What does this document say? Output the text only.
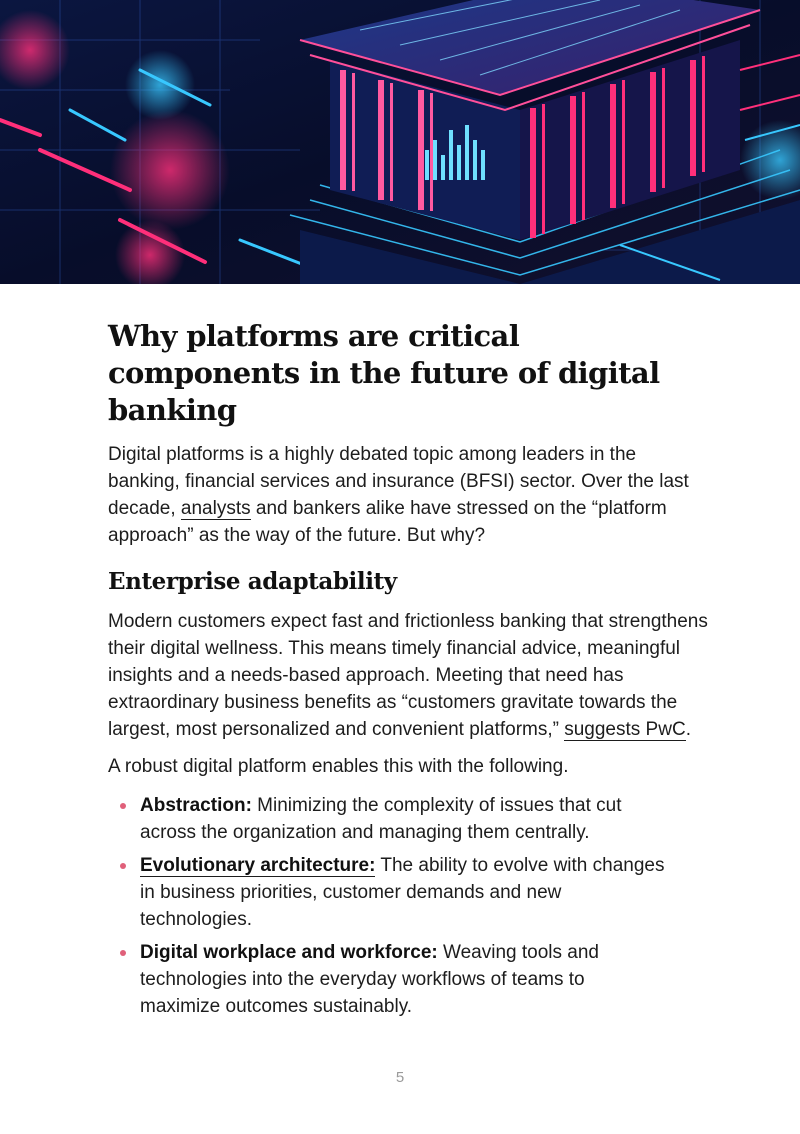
Why platforms are critical components in the future of digital banking

Digital platforms is a highly debated topic among leaders in the banking, financial services and insurance (BFSI) sector. Over the last decade, analysts and bankers alike have stressed on the “platform approach” as the way of the future. But why?

Enterprise adaptability

Modern customers expect fast and frictionless banking that strengthens their digital wellness. This means timely financial advice, meaningful insights and a needs-based approach. Meeting that need has extraordinary business benefits as “customers gravitate towards the largest, most personalized and convenient platforms,” suggests PwC.

A robust digital platform enables this with the following.

Abstraction: Minimizing the complexity of issues that cut across the organization and managing them centrally.
Evolutionary architecture: The ability to evolve with changes in business priorities, customer demands and new technologies.
Digital workplace and workforce: Weaving tools and technologies into the everyday workflows of teams to maximize outcomes sustainably.
5
